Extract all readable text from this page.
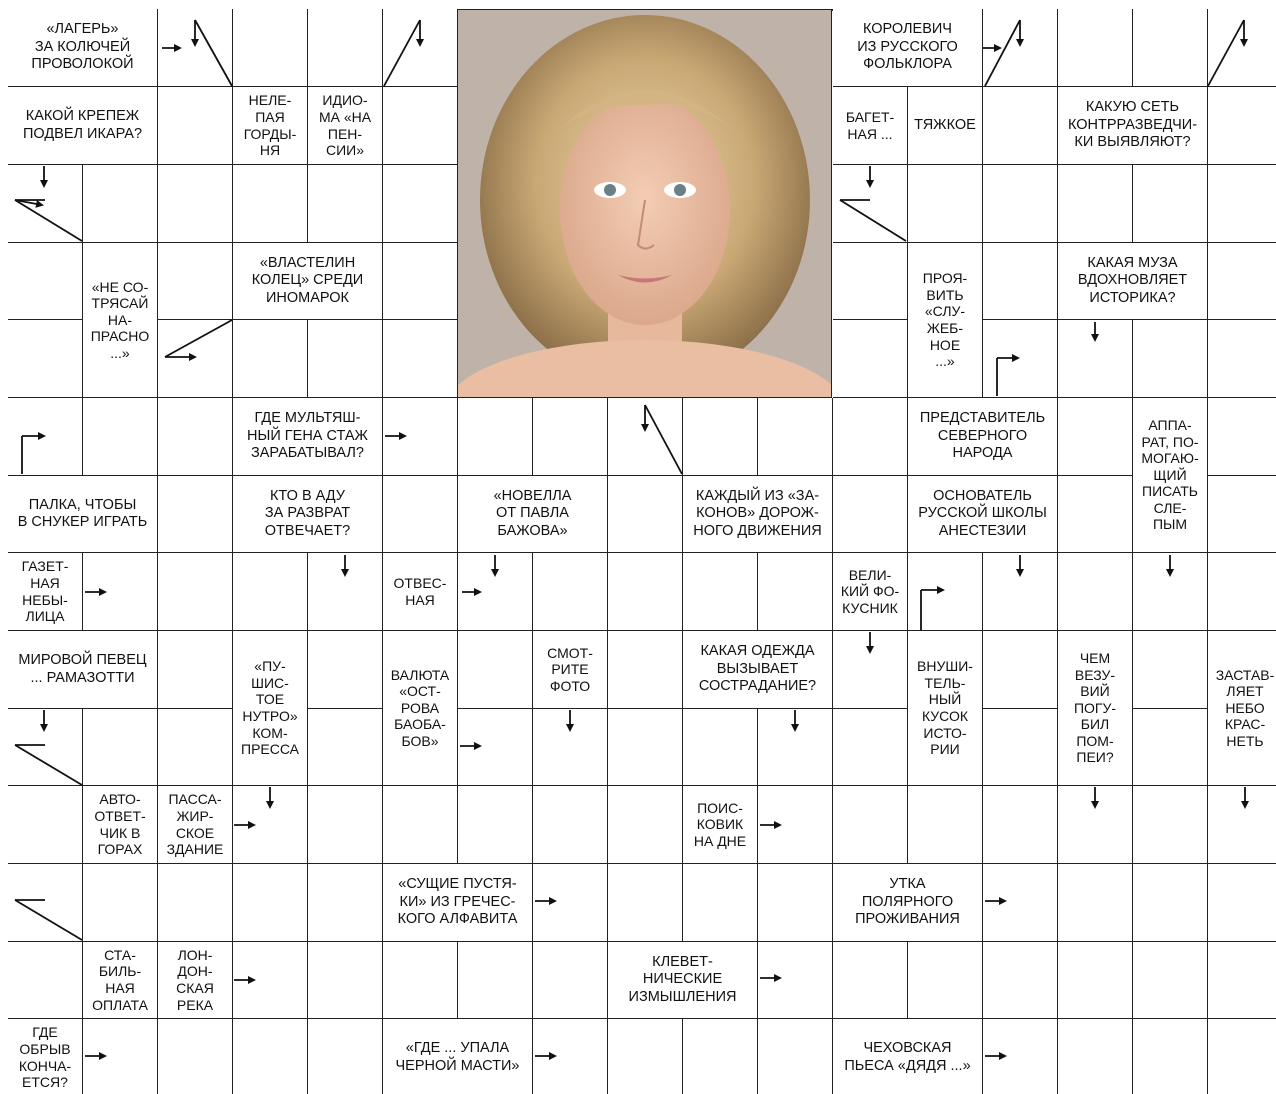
«ЛАГЕРЬ»
ЗА КОЛЮЧЕЙ
ПРОВОЛОКОЙ
КАКОЙ КРЕПЕЖ
ПОДВЕЛ ИКАРА?
НЕЛЕ-
ПАЯ
ГОРДЫ-
НЯ
ИДИО-
МА «НА
ПЕН-
СИИ»
«ВЛАСТЕЛИН
КОЛЕЦ» СРЕДИ
ИНОМАРОК
«НЕ СО-
ТРЯСАЙ
НА-
ПРАСНО
...»
КОРОЛЕВИЧ
ИЗ РУССКОГО
ФОЛЬКЛОРА
БАГЕТ-
НАЯ ...
ТЯЖКОЕ
КАКУЮ СЕТЬ
КОНТРРАЗВЕДЧИ-
КИ ВЫЯВЛЯЮТ?
ПРОЯ-
ВИТЬ
«СЛУ-
ЖЕБ-
НОЕ
...»
КАКАЯ МУЗА
ВДОХНОВЛЯЕТ
ИСТОРИКА?
ГДЕ МУЛЬТЯШ-
НЫЙ ГЕНА СТАЖ
ЗАРАБАТЫВАЛ?
ПРЕДСТАВИТЕЛЬ
СЕВЕРНОГО
НАРОДА
АППА-
РАТ, ПО-
МОГАЮ-
ЩИЙ
ПИСАТЬ
СЛЕ-
ПЫМ
ПАЛКА, ЧТОБЫ
В СНУКЕР ИГРАТЬ
КТО В АДУ
ЗА РАЗВРАТ
ОТВЕЧАЕТ?
«НОВЕЛЛА
ОТ ПАВЛА
БАЖОВА»
КАЖДЫЙ ИЗ «ЗА-
КОНОВ» ДОРОЖ-
НОГО ДВИЖЕНИЯ
ОСНОВАТЕЛЬ
РУССКОЙ ШКОЛЫ
АНЕСТЕЗИИ
ГАЗЕТ-
НАЯ
НЕБЫ-
ЛИЦА
ОТВЕС-
НАЯ
ВЕЛИ-
КИЙ ФО-
КУСНИК
МИРОВОЙ ПЕВЕЦ
... РАМАЗОТТИ
«ПУ-
ШИС-
ТОЕ
НУТРО»
КОМ-
ПРЕССА
ВАЛЮТА
«ОСТ-
РОВА
БАОБА-
БОВ»
СМОТ-
РИТЕ
ФОТО
КАКАЯ ОДЕЖДА
ВЫЗЫВАЕТ
СОСТРАДАНИЕ?
ВНУШИ-
ТЕЛЬ-
НЫЙ
КУСОК
ИСТО-
РИИ
ЧЕМ
ВЕЗУ-
ВИЙ
ПОГУ-
БИЛ
ПОМ-
ПЕИ?
ЗАСТАВ-
ЛЯЕТ
НЕБО
КРАС-
НЕТЬ
АВТО-
ОТВЕТ-
ЧИК В
ГОРАХ
ПАССА-
ЖИР-
СКОЕ
ЗДАНИЕ
ПОИС-
КОВИК
НА ДНЕ
«СУЩИЕ ПУСТЯ-
КИ» ИЗ ГРЕЧЕС-
КОГО АЛФАВИТА
УТКА
ПОЛЯРНОГО
ПРОЖИВАНИЯ
СТА-
БИЛЬ-
НАЯ
ОПЛАТА
ЛОН-
ДОН-
СКАЯ
РЕКА
КЛЕВЕТ-
НИЧЕСКИЕ
ИЗМЫШЛЕНИЯ
ГДЕ
ОБРЫВ
КОНЧА-
ЕТСЯ?
«ГДЕ ... УПАЛА
ЧЕРНОЙ МАСТИ»
ЧЕХОВСКАЯ
ПЬЕСА «ДЯДЯ ...»
